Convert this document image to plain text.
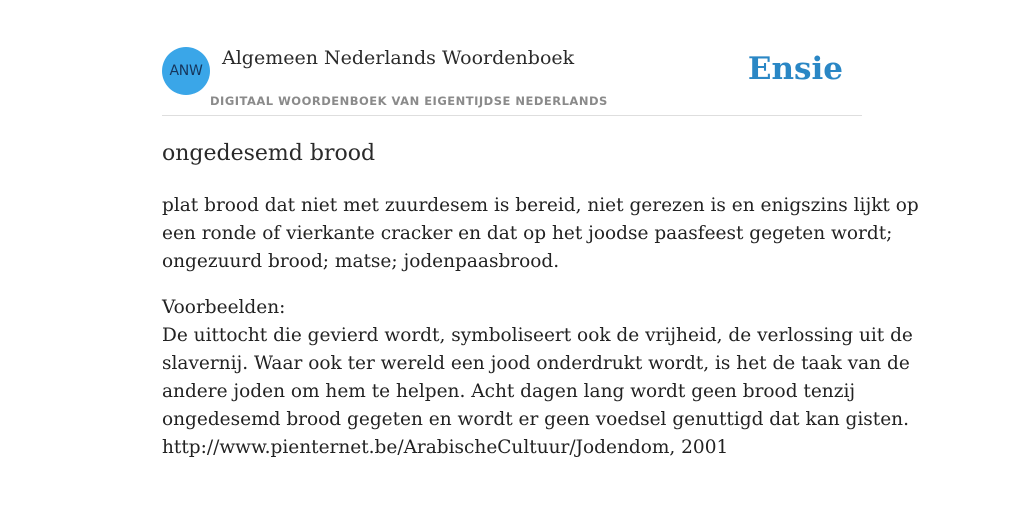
ANW
Algemeen Nederlands Woordenboek
DIGITAAL WOORDENBOEK VAN EIGENTIJDSE NEDERLANDS
Ensie
ongedesemd brood
plat brood dat niet met zuurdesem is bereid, niet gerezen is en enigszins lijkt op
een ronde of vierkante cracker en dat op het joodse paasfeest gegeten wordt;
ongezuurd brood; matse; jodenpaasbrood.
Voorbeelden:
De uittocht die gevierd wordt, symboliseert ook de vrijheid, de verlossing uit de
slavernij. Waar ook ter wereld een jood onderdrukt wordt, is het de taak van de
andere joden om hem te helpen. Acht dagen lang wordt geen brood tenzij
ongedesemd brood gegeten en wordt er geen voedsel genuttigd dat kan gisten.
http://www.pienternet.be/ArabischeCultuur/Jodendom, 2001
